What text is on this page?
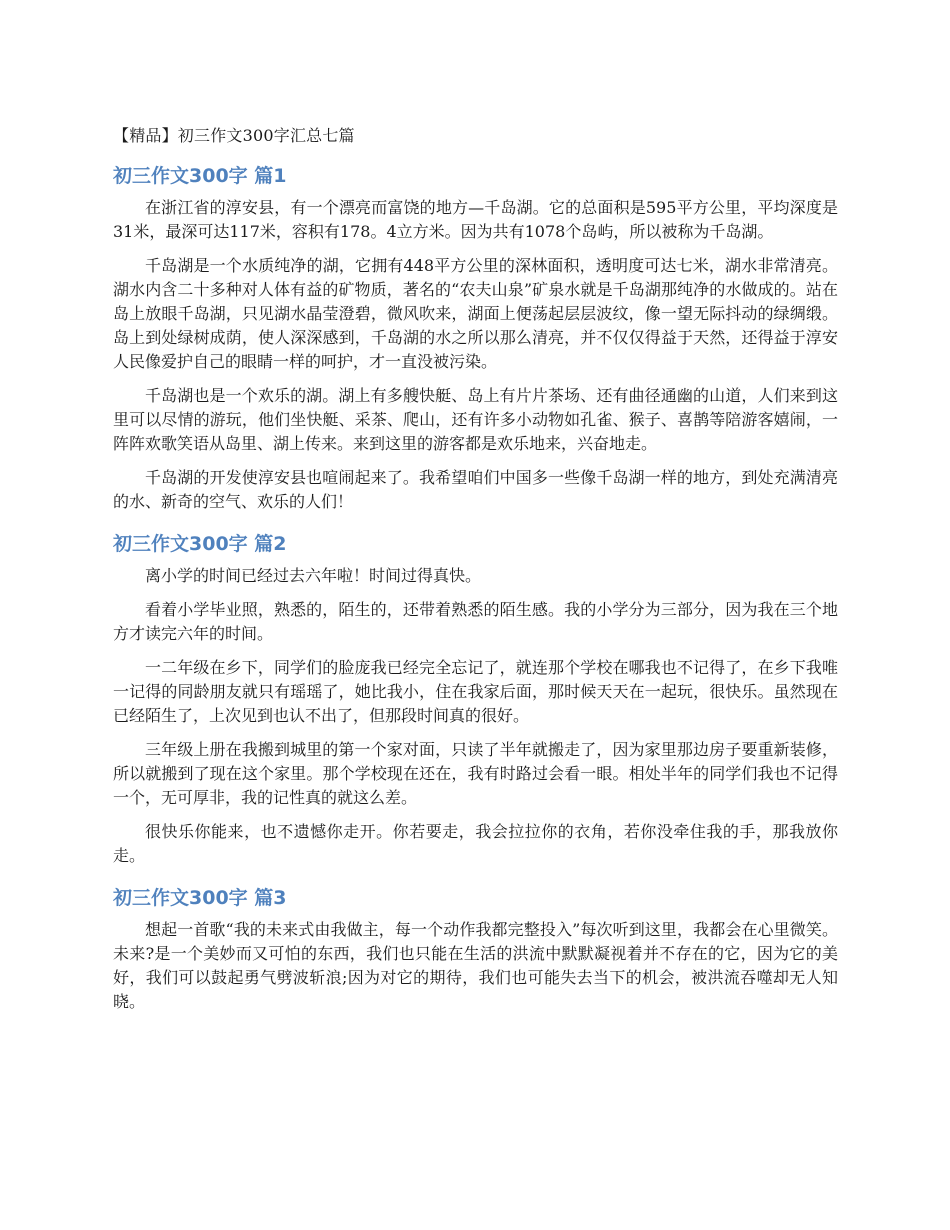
【精品】初三作文300字汇总七篇
初三作文300字 篇1

在浙江省的淳安县，有一个漂亮而富饶的地方—千岛湖。它的总面积是595平方公里，平均深度是31米，最深可达117米，容积有178。4立方米。因为共有1078个岛屿，所以被称为千岛湖。

千岛湖是一个水质纯净的湖，它拥有448平方公里的深林面积，透明度可达七米，湖水非常清亮。湖水内含二十多种对人体有益的矿物质，著名的“农夫山泉”矿泉水就是千岛湖那纯净的水做成的。站在岛上放眼千岛湖，只见湖水晶莹澄碧，微风吹来，湖面上便荡起层层波纹，像一望无际抖动的绿绸缎。岛上到处绿树成荫，使人深深感到，千岛湖的水之所以那么清亮，并不仅仅得益于天然，还得益于淳安人民像爱护自己的眼睛一样的呵护，才一直没被污染。

千岛湖也是一个欢乐的湖。湖上有多艘快艇、岛上有片片茶场、还有曲径通幽的山道，人们来到这里可以尽情的游玩，他们坐快艇、采茶、爬山，还有许多小动物如孔雀、猴子、喜鹊等陪游客嬉闹，一阵阵欢歌笑语从岛里、湖上传来。来到这里的游客都是欢乐地来，兴奋地走。

千岛湖的开发使淳安县也喧闹起来了。我希望咱们中国多一些像千岛湖一样的地方，到处充满清亮的水、新奇的空气、欢乐的人们！

初三作文300字 篇2

离小学的时间已经过去六年啦！时间过得真快。

看着小学毕业照，熟悉的，陌生的，还带着熟悉的陌生感。我的小学分为三部分，因为我在三个地方才读完六年的时间。

一二年级在乡下，同学们的脸庞我已经完全忘记了，就连那个学校在哪我也不记得了，在乡下我唯一记得的同龄朋友就只有瑶瑶了，她比我小，住在我家后面，那时候天天在一起玩，很快乐。虽然现在已经陌生了，上次见到也认不出了，但那段时间真的很好。

三年级上册在我搬到城里的第一个家对面，只读了半年就搬走了，因为家里那边房子要重新装修，所以就搬到了现在这个家里。那个学校现在还在，我有时路过会看一眼。相处半年的同学们我也不记得一个，无可厚非，我的记性真的就这么差。

很快乐你能来，也不遗憾你走开。你若要走，我会拉拉你的衣角，若你没牵住我的手，那我放你走。

初三作文300字 篇3

想起一首歌“我的未来式由我做主，每一个动作我都完整投入”每次听到这里，我都会在心里微笑。未来?是一个美妙而又可怕的东西，我们也只能在生活的洪流中默默凝视着并不存在的它，因为它的美好，我们可以鼓起勇气劈波斩浪;因为对它的期待，我们也可能失去当下的机会，被洪流吞噬却无人知晓。
